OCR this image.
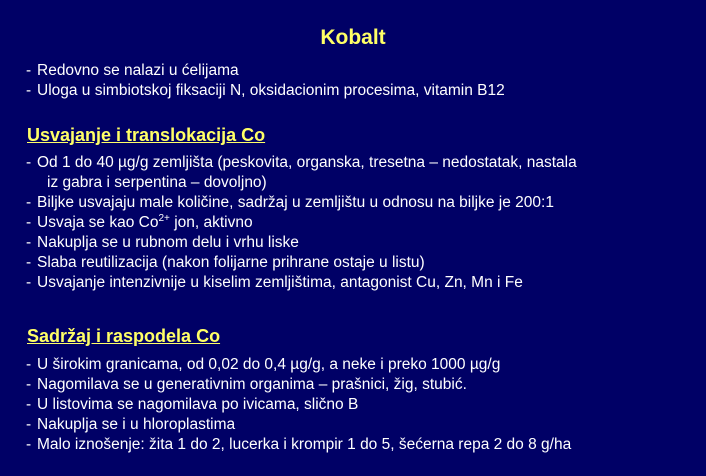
Kobalt
- Redovno se nalazi u ćelijama
- Uloga u simbiotskoj fiksaciji N, oksidacionim procesima, vitamin B12
Usvajanje i translokacija Co
- Od 1 do 40 µg/g zemljišta (peskovita, organska, tresetna – nedostatak, nastala
iz gabra i serpentina – dovoljno)
- Biljke usvajaju male količine, sadržaj u zemljištu u odnosu na biljke je 200:1
- Usvaja se kao $Co^{2+}$ jon, aktivno
- Nakuplja se u rubnom delu i vrhu liske
- Slaba reutilizacija (nakon folijarne prihrane ostaje u listu)
- Usvajanje intenzivnije u kiselim zemljištima, antagonist Cu, Zn, Mn i Fe
Sadržaj i raspodela Co
- U širokim granicama, od 0,02 do 0,4 µg/g, a neke i preko 1000 µg/g
- Nagomilava se u generativnim organima – prašnici, žig, stubić.
- U listovima se nagomilava po ivicama, slično B
- Nakuplja se i u hloroplastima
- Malo iznošenje: žita 1 do 2, lucerka i krompir 1 do 5, šećerna repa 2 do 8 g/ha
